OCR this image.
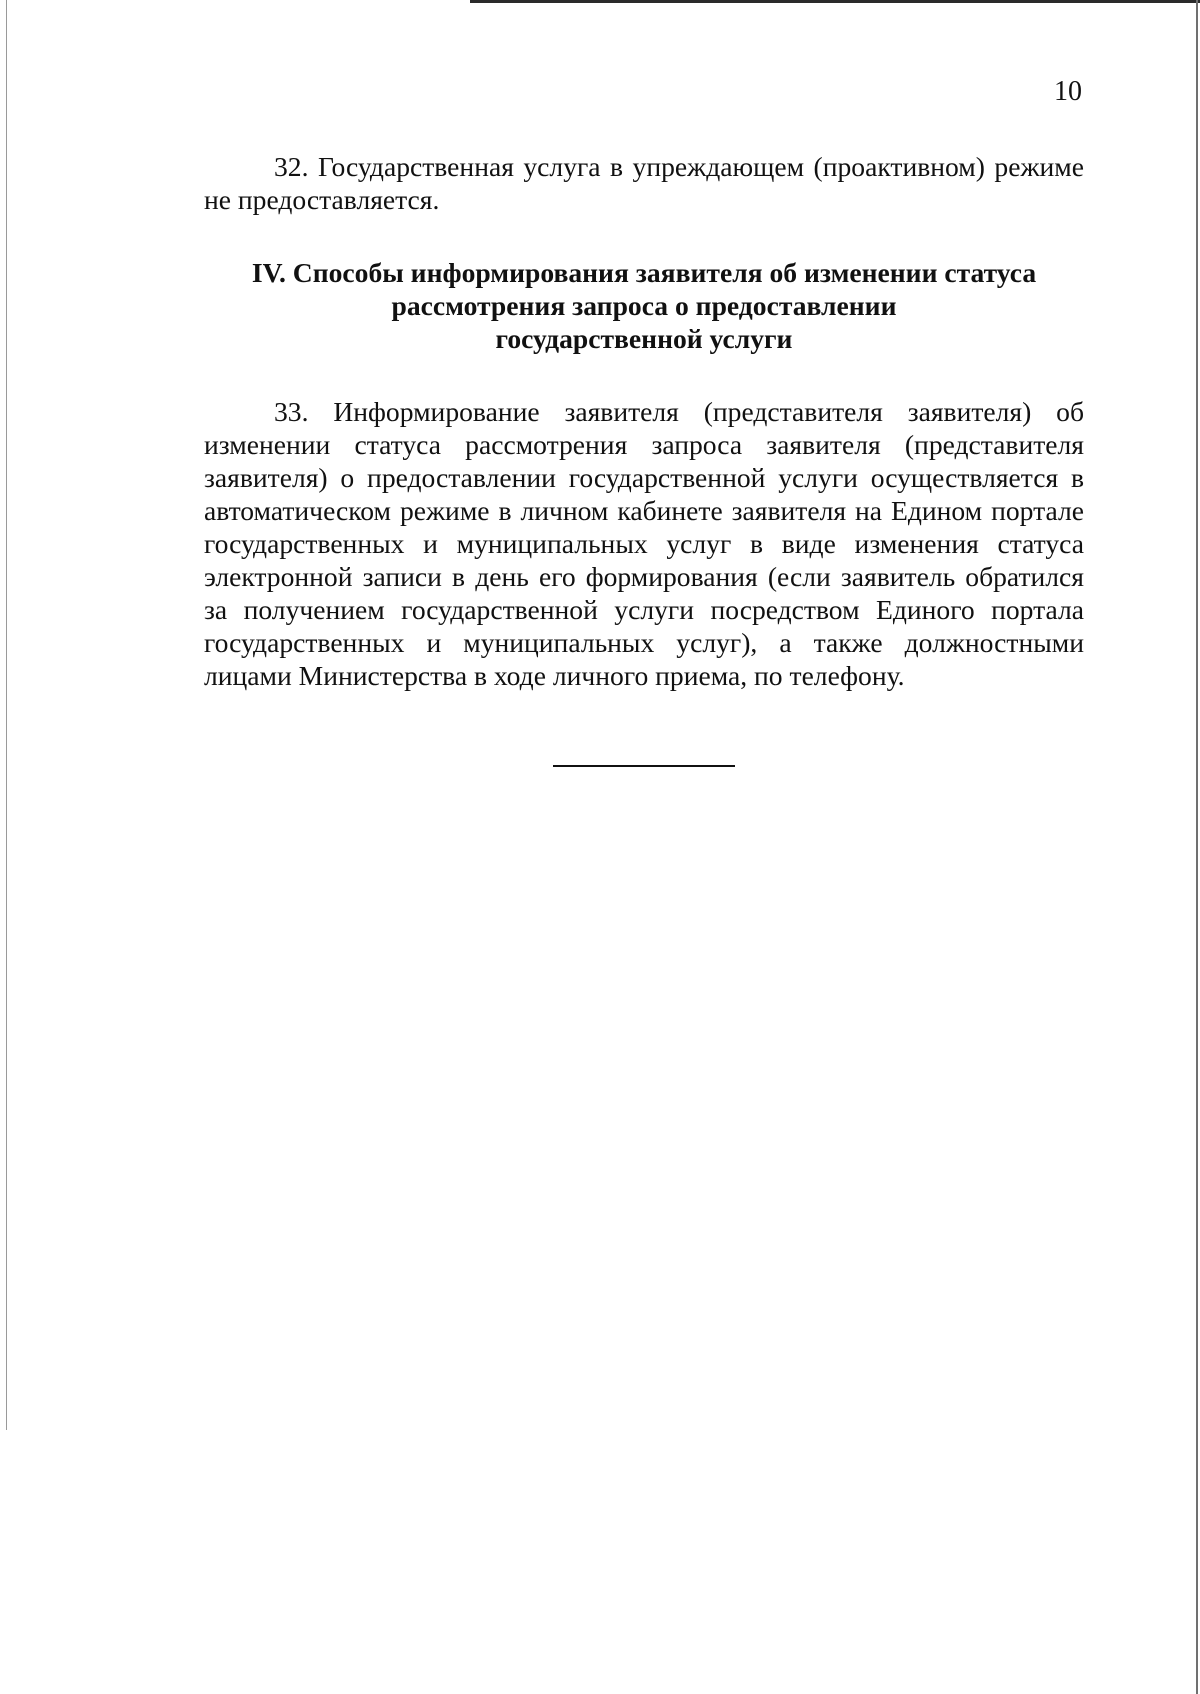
10

32. Государственная услуга в упреждающем (проактивном) режиме не предоставляется.

IV. Способы информирования заявителя об изменении статуса
рассмотрения запроса о предоставлении
государственной услуги

33. Информирование заявителя (представителя заявителя) об изменении статуса рассмотрения запроса заявителя (представителя заявителя) о предоставлении государственной услуги осуществляется в автоматическом режиме в личном кабинете заявителя на Едином портале государственных и муниципальных услуг в виде изменения статуса электронной записи в день его формирования (если заявитель обратился за получением государственной услуги посредством Единого портала государственных и муниципальных услуг), а также должностными лицами Министерства в ходе личного приема, по телефону.
